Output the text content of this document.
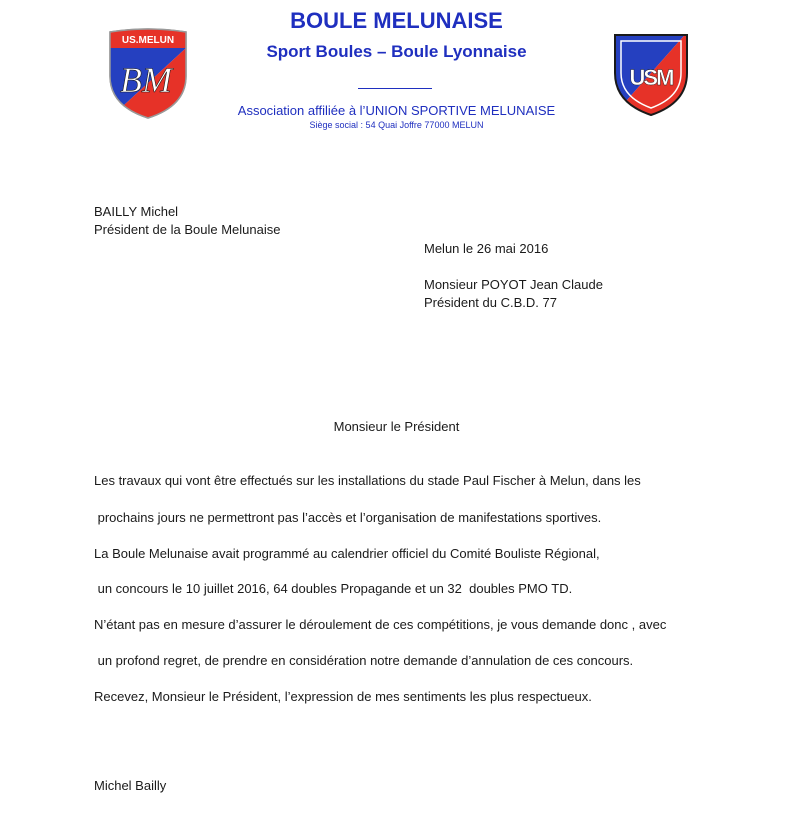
BOULE MELUNAISE
Sport Boules – Boule Lyonnaise
Association affiliée à l’UNION SPORTIVE MELUNAISE
Siège social : 54 Quai Joffre 77000 MELUN
US.MELUN
BM	USM
BAILLY Michel
Président de la Boule Melunaise
Melun le 26 mai 2016
Monsieur POYOT Jean Claude
Président du C.B.D. 77
Monsieur le Président
Les travaux qui vont être effectués sur les installations du stade Paul Fischer à Melun, dans les
prochains jours ne permettront pas l’accès et l’organisation de manifestations sportives.
La Boule Melunaise avait programmé au calendrier officiel du Comité Bouliste Régional,
un concours le 10 juillet 2016, 64 doubles Propagande et un 32  doubles PMO TD.
N’étant pas en mesure d’assurer le déroulement de ces compétitions, je vous demande donc , avec
un profond regret, de prendre en considération notre demande d’annulation de ces concours.
Recevez, Monsieur le Président, l’expression de mes sentiments les plus respectueux.
Michel Bailly
